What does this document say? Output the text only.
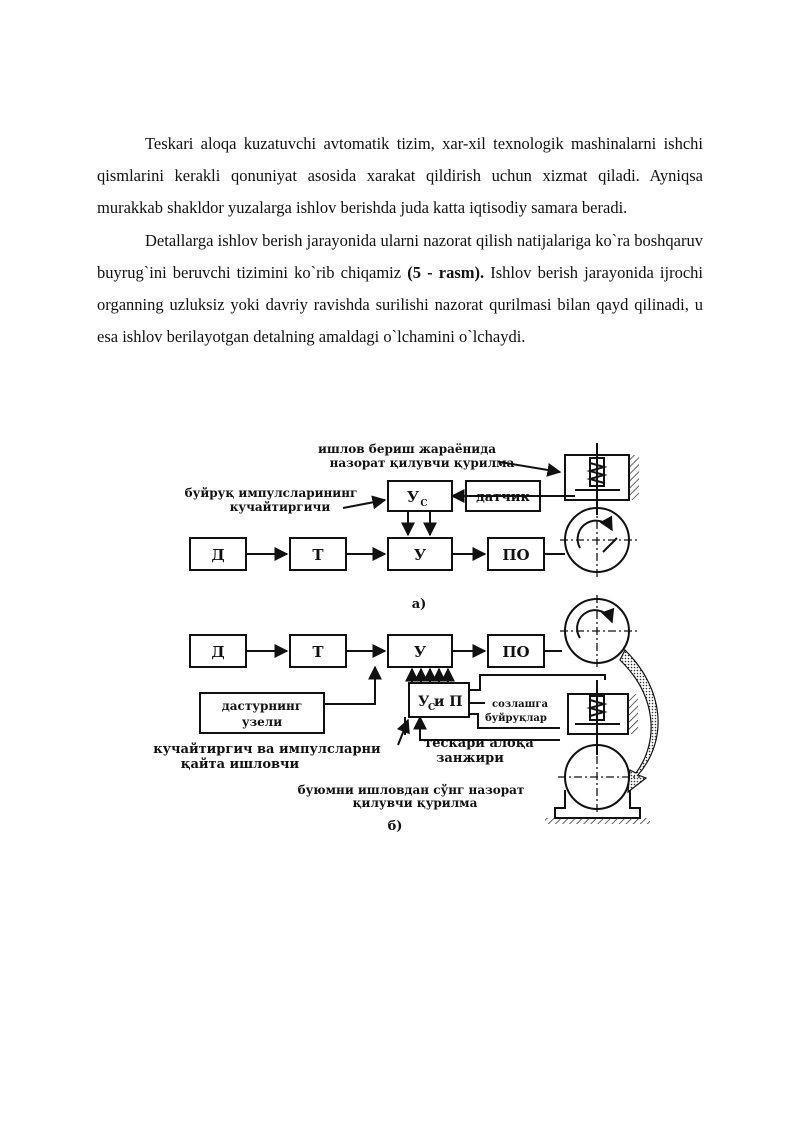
Teskari aloqa kuzatuvchi avtomatik tizim, xar-xil texnologik mashinalarni ishchi qismlarini kerakli qonuniyat asosida xarakat qildirish uchun xizmat qiladi. Ayniqsa murakkab shakldor yuzalarga ishlov berishda juda katta iqtisodiy samara beradi.

Detallarga ishlov berish jarayonida ularni nazorat qilish natijalariga ko`ra boshqaruv buyrug`ini beruvchi tizimini ko`rib chiqamiz (5 - rasm). Ishlov berish jarayonida ijrochi organning uzluksiz yoki davriy ravishda surilishi nazorat qurilmasi bilan qayd qilinadi, u esa ishlov berilayotgan detalning amaldagi o`lchamini o`lchaydi.

ишлов бериш жараёнида
назорат қилувчи қурилма
буйруқ импулсларининг
кучайтиргичи
У С	датчик
Д	Т	У	ПО
а)
Д	Т	У	ПО
дастурнинг
узели
У
С
и П	созлашга
буйруқлар
кучайтиргич ва импулсларни
қайта ишловчи
тескари алоқа
занжири
буюмни ишловдан сўнг назорат
қилувчи қурилма
б)
